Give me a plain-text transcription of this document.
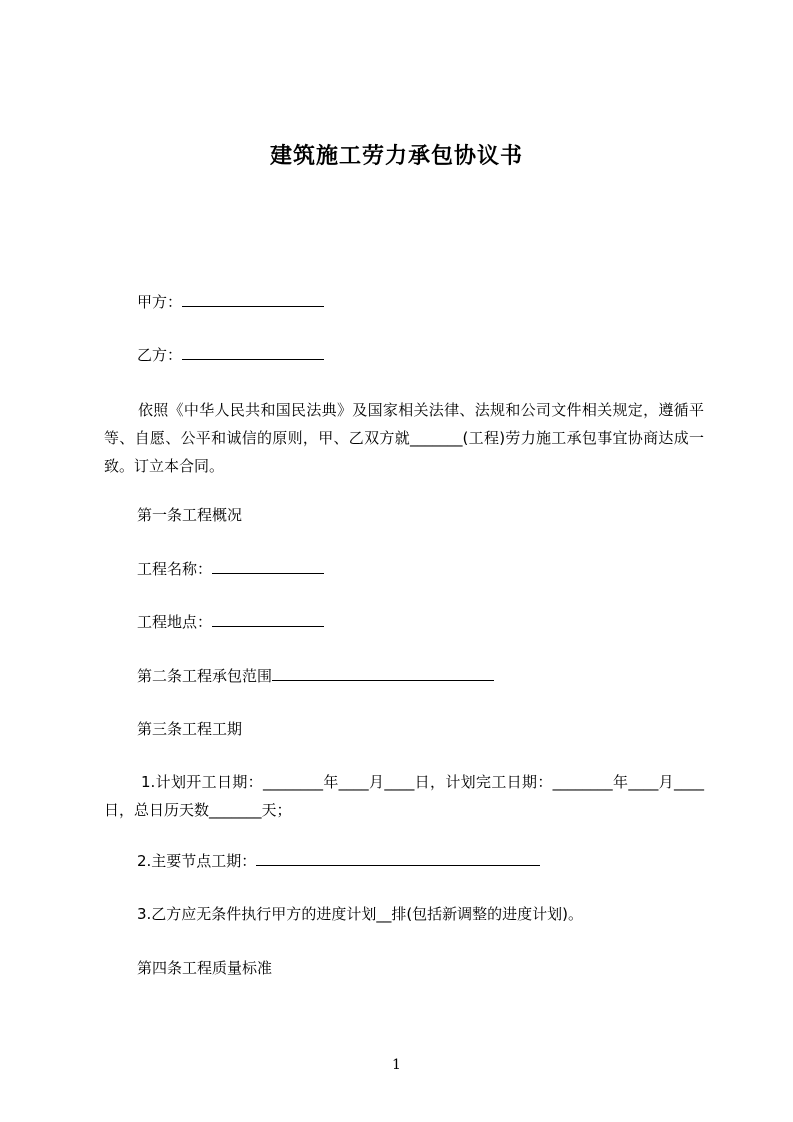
建筑施工劳力承包协议书
甲方：
乙方：
依照《中华人民共和国民法典》及国家相关法律、法规和公司文件相关规定，遵循平等、自愿、公平和诚信的原则，甲、乙双方就_______(工程)劳力施工承包事宜协商达成一致。订立本合同。
第一条工程概况
工程名称：
工程地点：
第二条工程承包范围
第三条工程工期
1.计划开工日期：________年____月____日，计划完工日期：________年____月____日，总日历天数_______天；
2.主要节点工期：
3.乙方应无条件执行甲方的进度计划__排(包括新调整的进度计划)。
第四条工程质量标准
1
